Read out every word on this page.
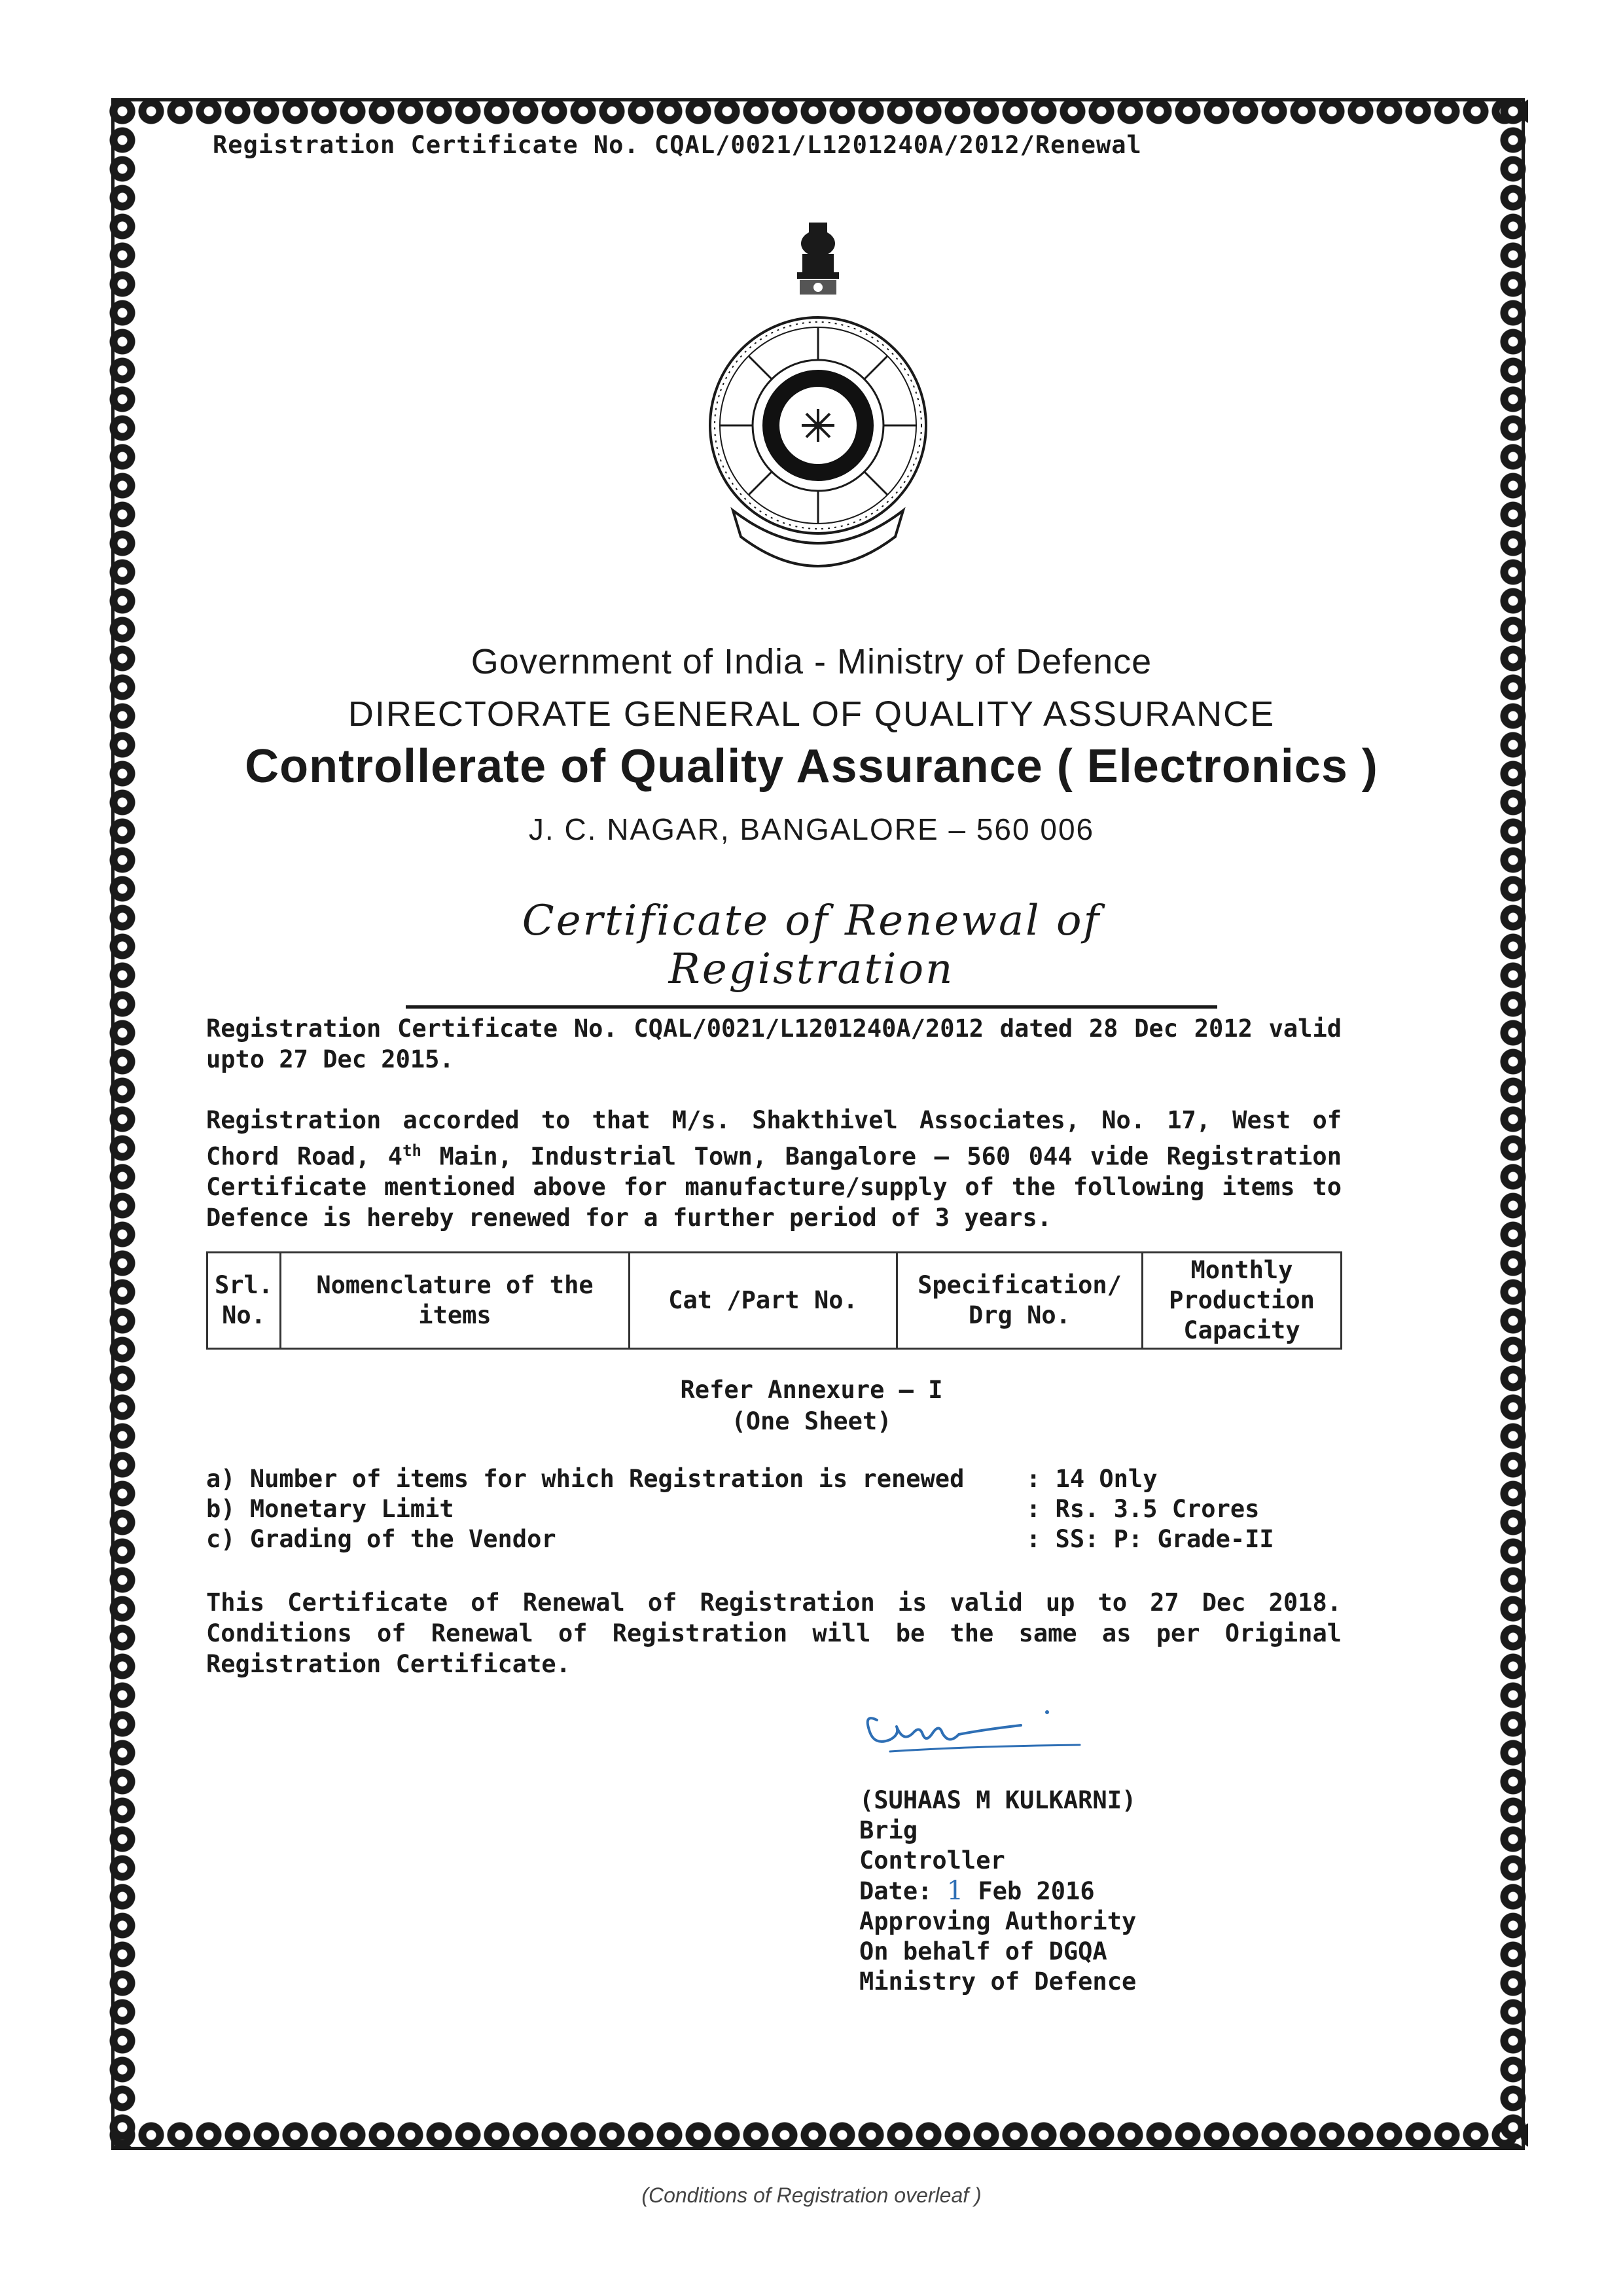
Registration Certificate No. CQAL/0021/L1201240A/2012/Renewal
Government of India - Ministry of Defence
DIRECTORATE GENERAL OF QUALITY ASSURANCE
Controllerate of Quality Assurance ( Electronics )
J. C. NAGAR, BANGALORE – 560 006
Certificate of Renewal of Registration
Registration Certificate No. CQAL/0021/L1201240A/2012 dated 28 Dec 2012 valid upto 27 Dec 2015.
Registration accorded to that M/s. Shakthivel Associates, No. 17, West of Chord Road, 4th Main, Industrial Town, Bangalore – 560 044 vide Registration Certificate mentioned above for manufacture/supply of the following items to Defence is hereby renewed for a further period of 3 years.
Srl. No.	Nomenclature of the items	Cat /Part No.	Specification/ Drg No.	Monthly Production Capacity
Refer Annexure – I
(One Sheet)
a) Number of items for which Registration is renewed	: 14 Only
b) Monetary Limit	: Rs. 3.5 Crores
c) Grading of the Vendor	: SS: P: Grade-II
This Certificate of Renewal of Registration is valid up to 27 Dec 2018. Conditions of Renewal of Registration will be the same as per Original Registration Certificate.
(SUHAAS M KULKARNI)
Brig
Controller
Date: 1 Feb 2016
Approving Authority
On behalf of DGQA
Ministry of Defence
(Conditions of Registration overleaf )
